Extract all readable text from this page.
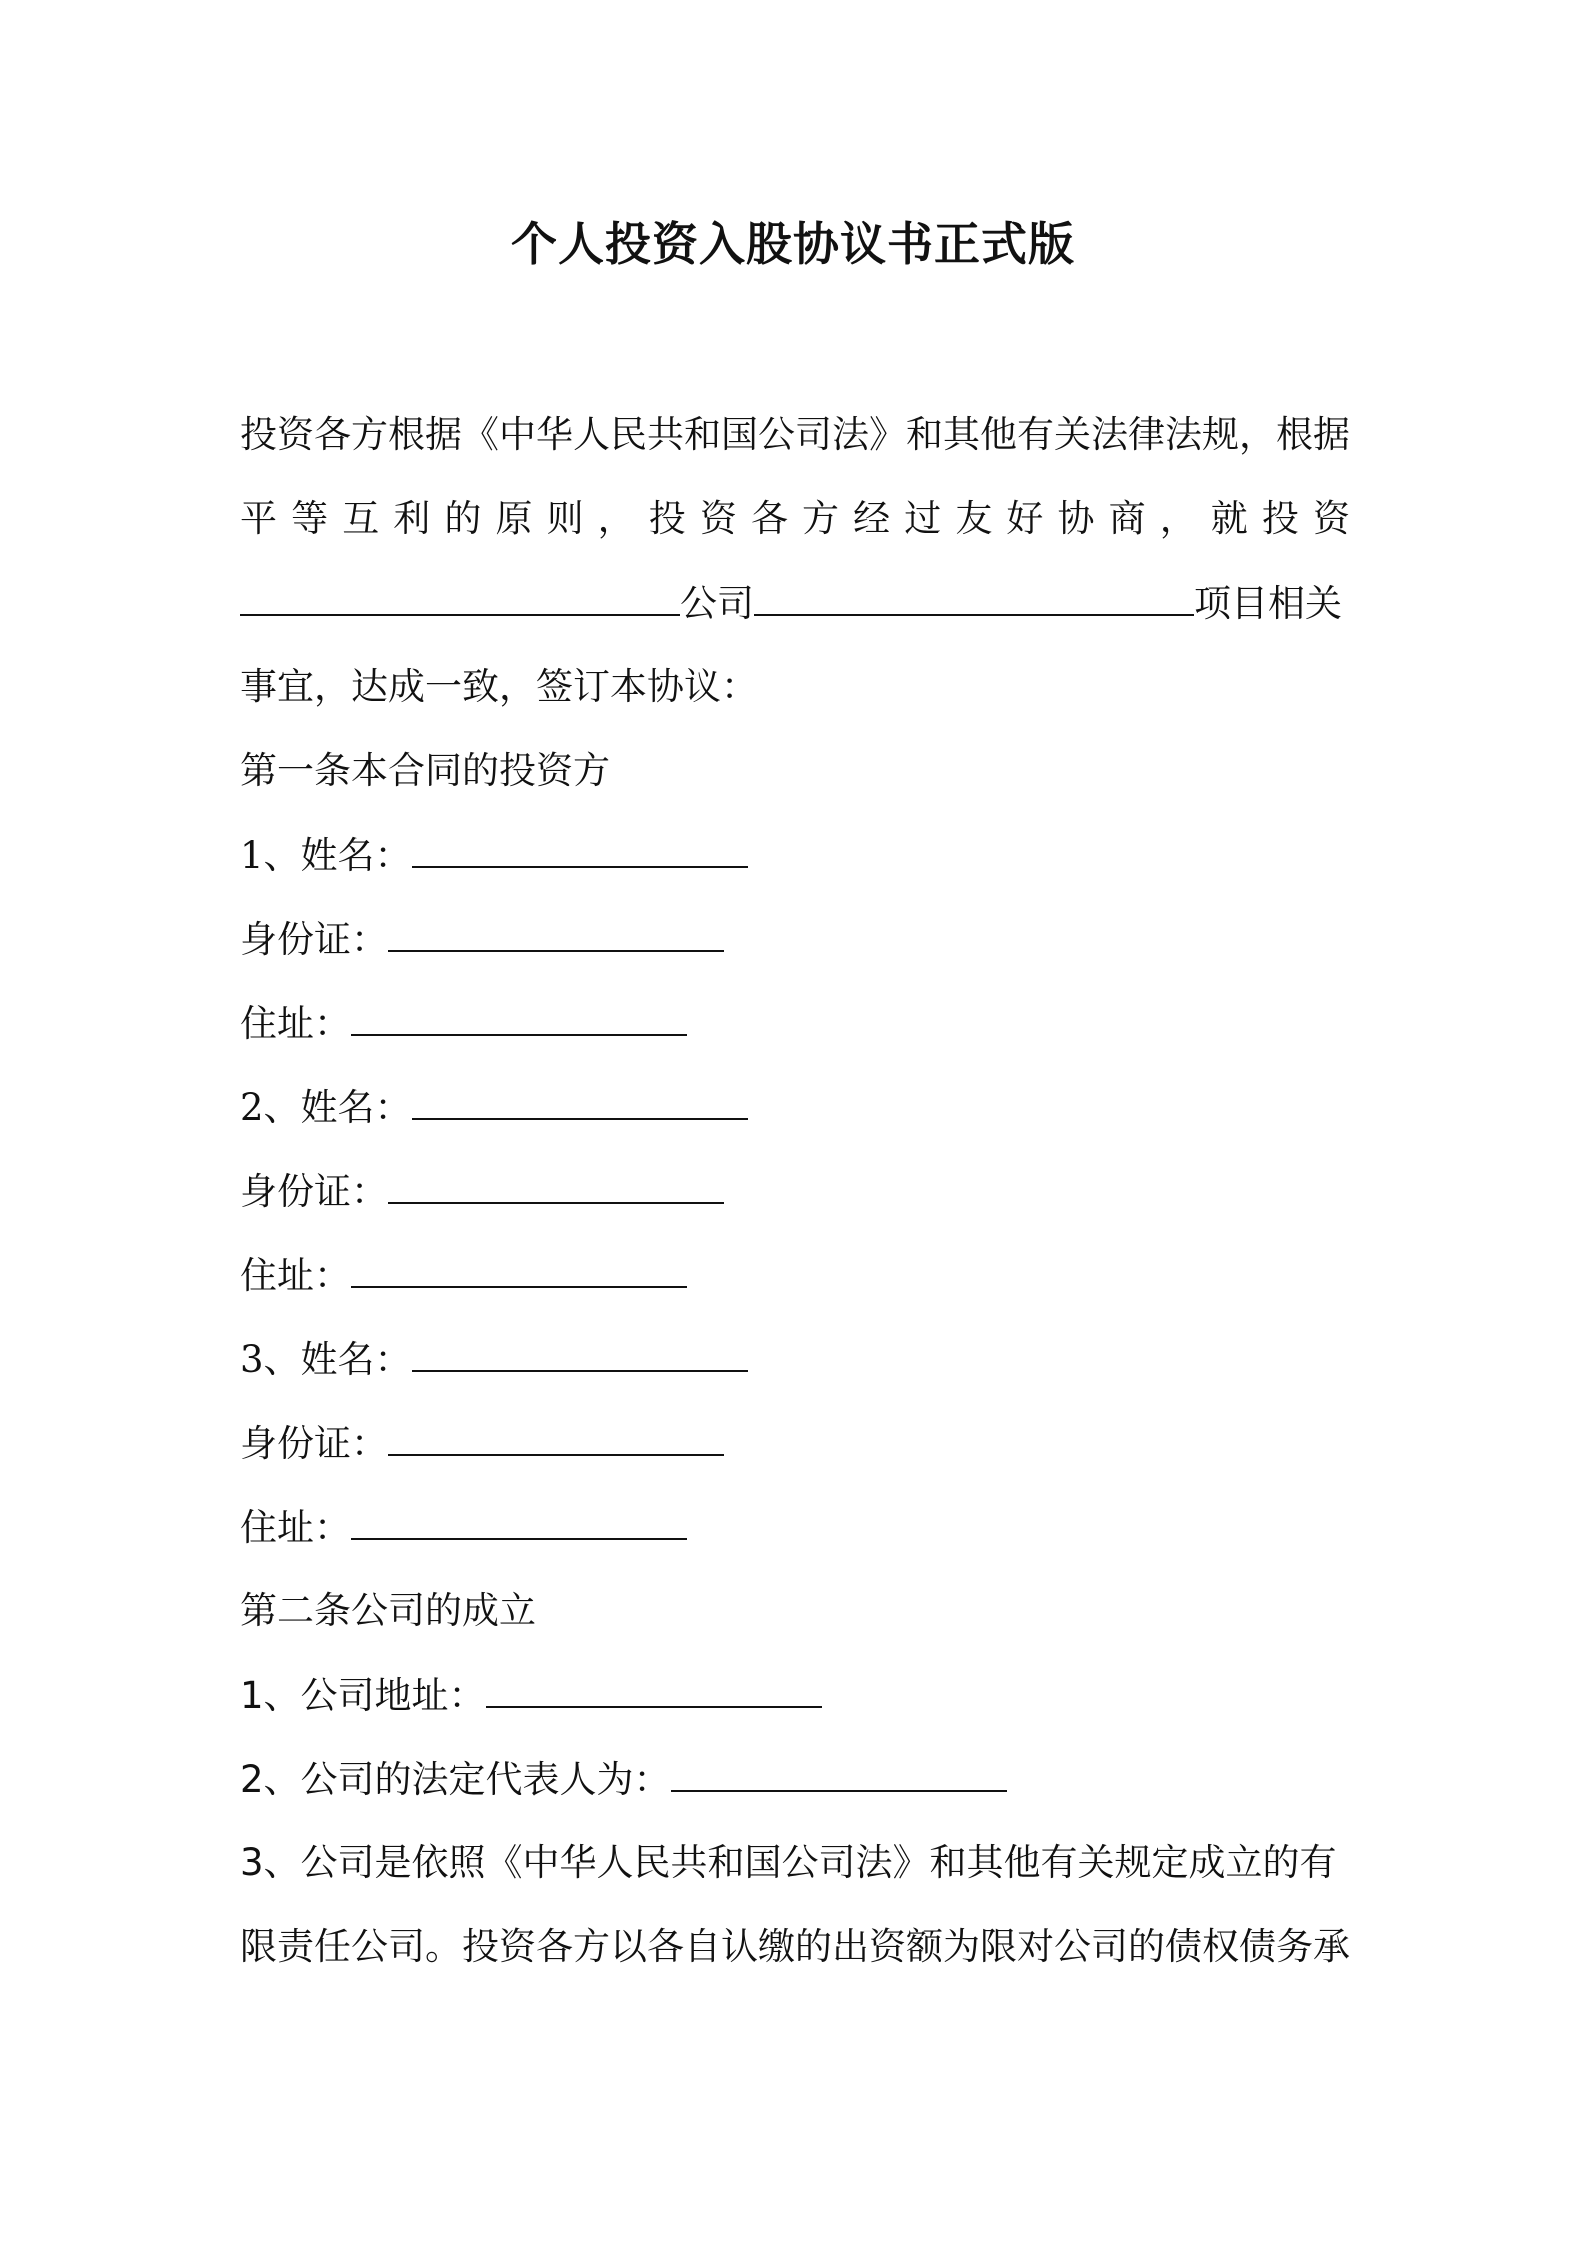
个人投资入股协议书正式版
投资各方根据《中华人民共和国公司法》和其他有关法律法规，根据
平 等 互 利 的 原 则 ， 投 资 各 方 经 过 友 好 协 商 ， 就 投 资
公司	项目相关
事宜，达成一致，签订本协议：
第一条本合同的投资方
1、姓名：
身份证：
住址：
2、姓名：
身份证：
住址：
3、姓名：
身份证：
住址：
第二条公司的成立
1、公司地址：
2、公司的法定代表人为：
3、公司是依照《中华人民共和国公司法》和其他有关规定成立的有
限责任公司。投资各方以各自认缴的出资额为限对公司的债权债务承
